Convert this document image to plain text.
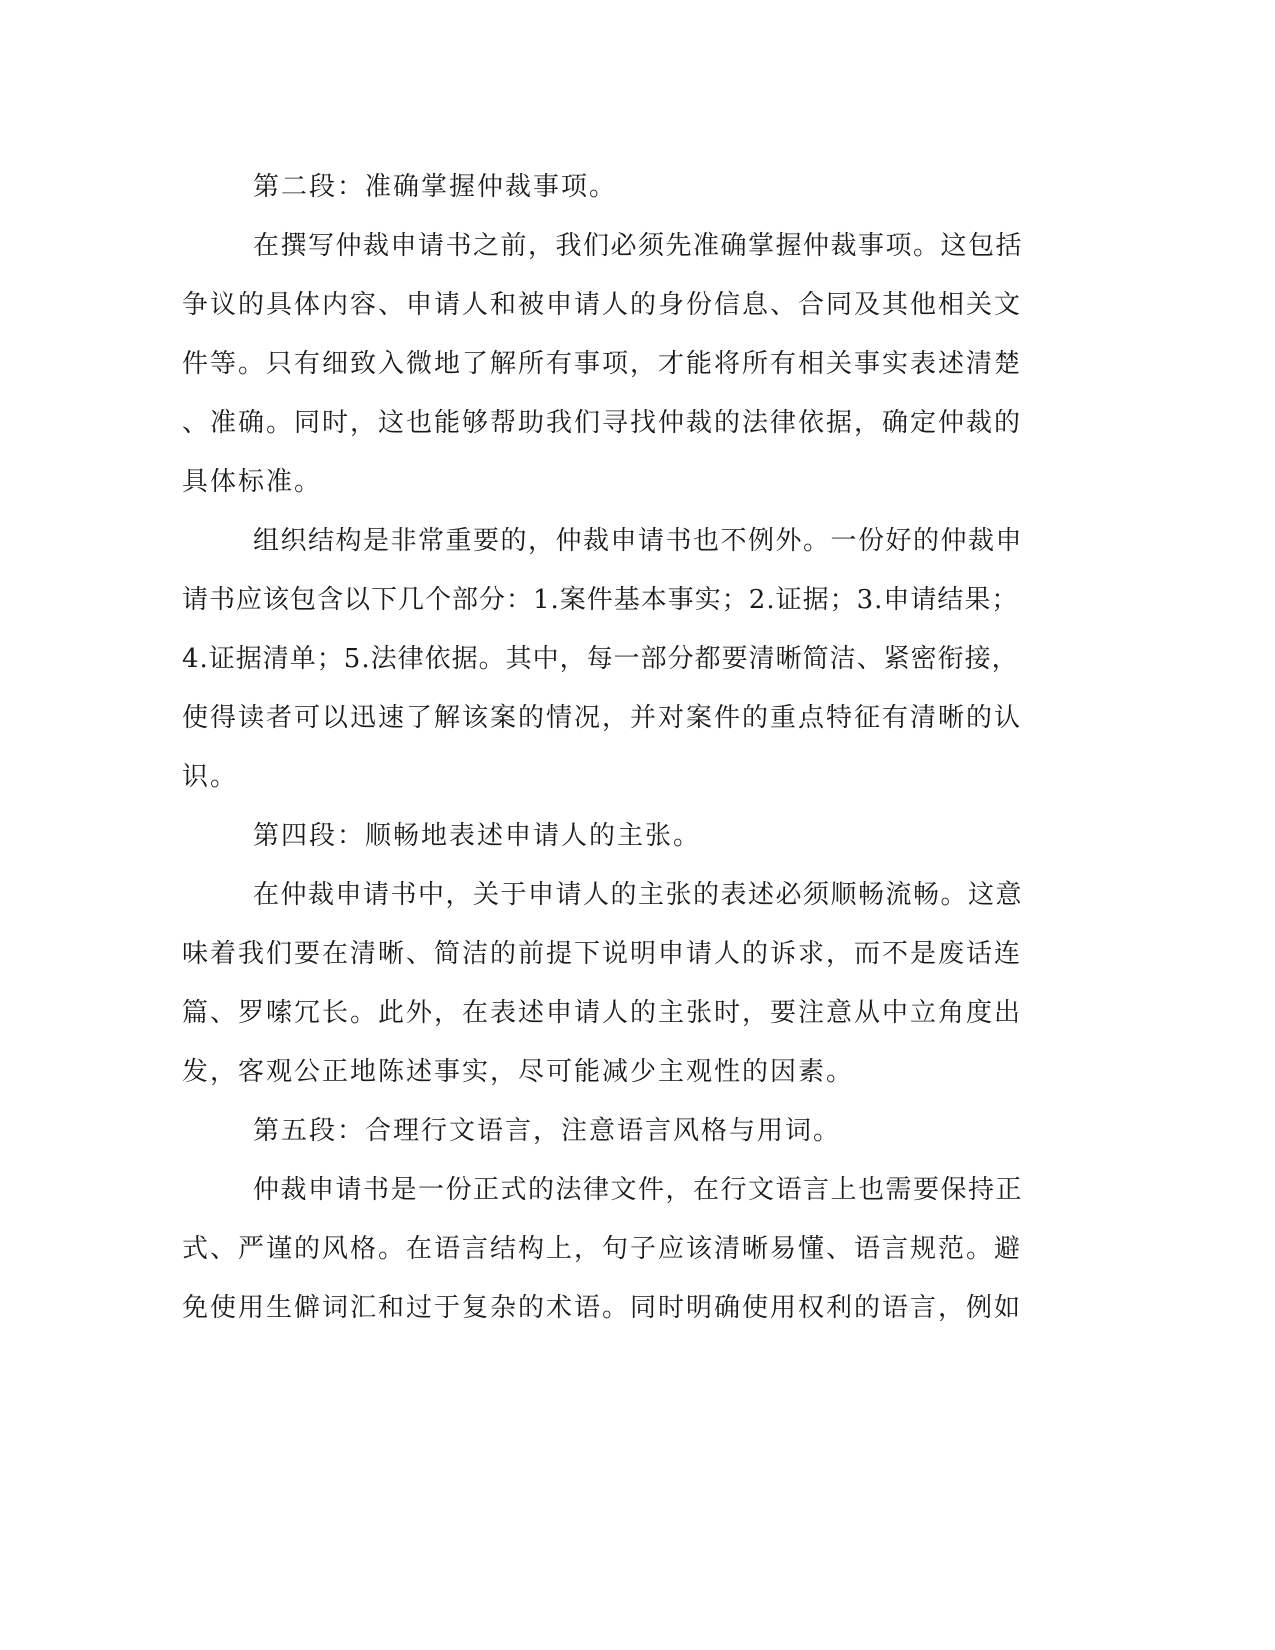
第二段：准确掌握仲裁事项。
在撰写仲裁申请书之前，我们必须先准确掌握仲裁事项。这包括
争议的具体内容、申请人和被申请人的身份信息、合同及其他相关文
件等。只有细致入微地了解所有事项，才能将所有相关事实表述清楚
、准确。同时，这也能够帮助我们寻找仲裁的法律依据，确定仲裁的
具体标准。
组织结构是非常重要的，仲裁申请书也不例外。一份好的仲裁申
请书应该包含以下几个部分：1.案件基本事实；2.证据；3.申请结果；
4.证据清单；5.法律依据。其中，每一部分都要清晰简洁、紧密衔接，
使得读者可以迅速了解该案的情况，并对案件的重点特征有清晰的认
识。
第四段：顺畅地表述申请人的主张。
在仲裁申请书中，关于申请人的主张的表述必须顺畅流畅。这意
味着我们要在清晰、简洁的前提下说明申请人的诉求，而不是废话连
篇、罗嗦冗长。此外，在表述申请人的主张时，要注意从中立角度出
发，客观公正地陈述事实，尽可能减少主观性的因素。
第五段：合理行文语言，注意语言风格与用词。
仲裁申请书是一份正式的法律文件，在行文语言上也需要保持正
式、严谨的风格。在语言结构上，句子应该清晰易懂、语言规范。避
免使用生僻词汇和过于复杂的术语。同时明确使用权利的语言，例如
